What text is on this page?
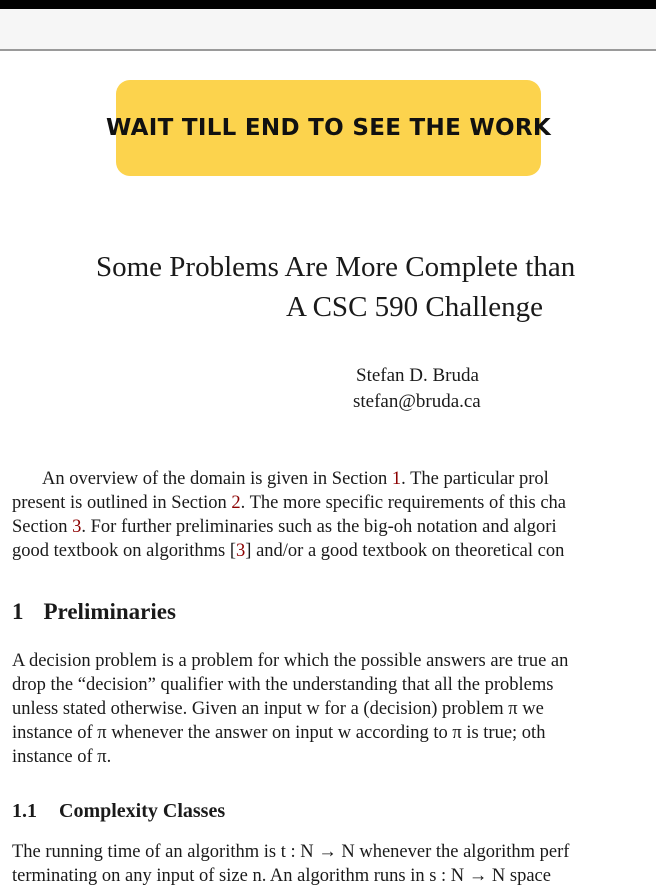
Some Problems Are More Complete than
A CSC 590 Challenge
Stefan D. Bruda
stefan@bruda.ca
An overview of the domain is given in Section 1. The particular prol
present is outlined in Section 2. The more specific requirements of this cha
Section 3. For further preliminaries such as the big-oh notation and algori
good textbook on algorithms [3] and/or a good textbook on theoretical con
1 Preliminaries
A decision problem is a problem for which the possible answers are true an
drop the “decision” qualifier with the understanding that all the problems
unless stated otherwise. Given an input w for a (decision) problem π we
instance of π whenever the answer on input w according to π is true; oth
instance of π.
1.1 Complexity Classes
The running time of an algorithm is t : N → N whenever the algorithm perf
terminating on any input of size n. An algorithm runs in s : N → N space
WAIT TILL END TO SEE THE WORK
